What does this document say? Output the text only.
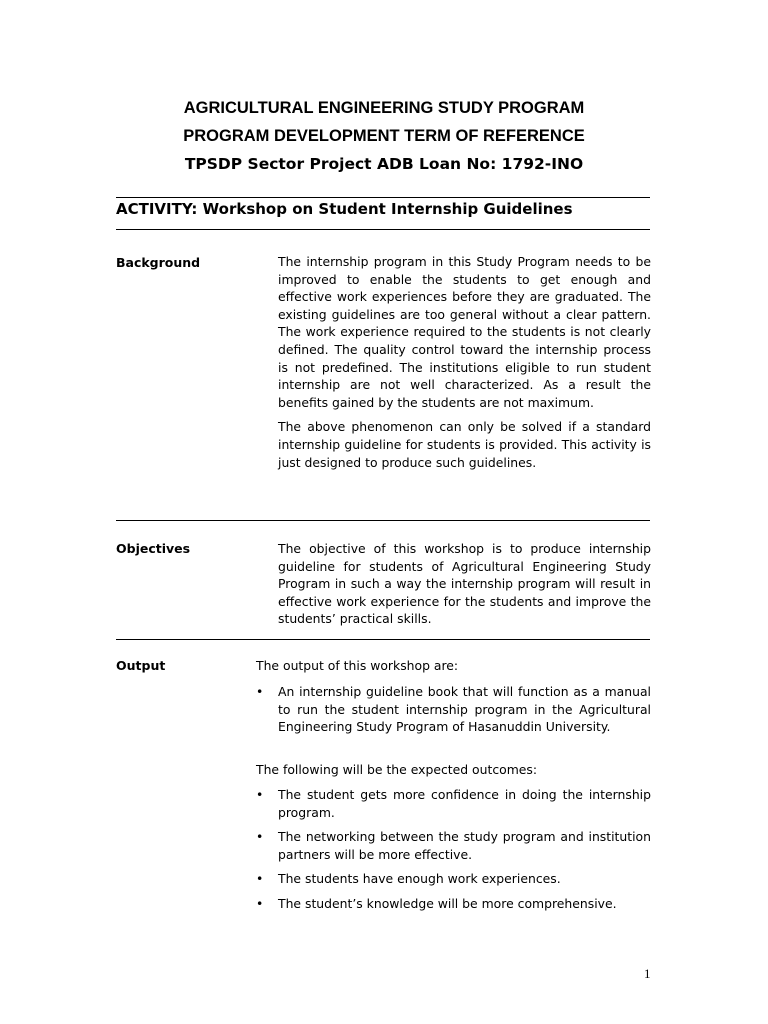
AGRICULTURAL ENGINEERING STUDY PROGRAM
PROGRAM DEVELOPMENT TERM OF REFERENCE
TPSDP Sector Project ADB Loan No: 1792-INO
ACTIVITY: Workshop on Student Internship Guidelines
Background	The internship program in this Study Program needs to be improved to enable the students to get enough and effective work experiences before they are graduated. The existing guidelines are too general without a clear pattern. The work experience required to the students is not clearly defined. The quality control toward the internship process is not predefined. The institutions eligible to run student internship are not well characterized. As a result the benefits gained by the students are not maximum.

The above phenomenon can only be solved if a standard internship guideline for students is provided. This activity is just designed to produce such guidelines.

Objectives	The objective of this workshop is to produce internship guideline for students of Agricultural Engineering Study Program in such a way the internship program will result in effective work experience for the students and improve the students’ practical skills.

Output	The output of this workshop are:
•	An internship guideline book that will function as a manual to run the student internship program in the Agricultural Engineering Study Program of Hasanuddin University.
The following will be the expected outcomes:
•	The student gets more confidence in doing the internship program.
•	The networking between the study program and institution partners will be more effective.
•	The students have enough work experiences.
•	The student’s knowledge will be more comprehensive.
1
